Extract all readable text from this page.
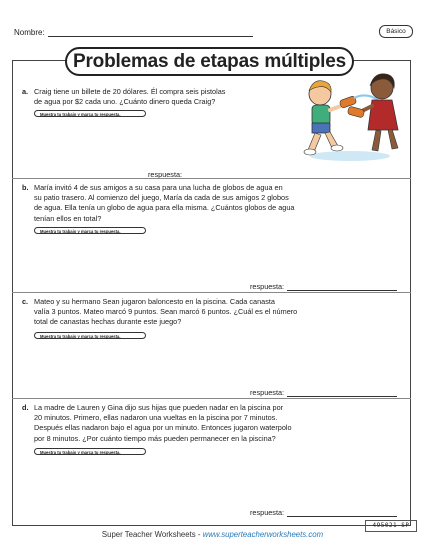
Nombre:	Básico
Problemas de etapas múltiples
a. Craig tiene un billete de 20 dólares. Él compra seis pistolas
de agua por $2 cada uno. ¿Cuánto dinero queda Craig?
Muestra tu trabajo y marca tu respuesta.
respuesta:
b. María invitó 4 de sus amigos a su casa para una lucha de globos de agua en
su patio trasero. Al comienzo del juego, María da cada de sus amigos 2 globos
de agua. Ella tenía un globo de agua para ella misma. ¿Cuántos globos de agua
tenían ellos en total?
Muestra tu trabajo y marca tu respuesta.
respuesta:
c. Mateo y su hermano Sean jugaron baloncesto en la piscina. Cada canasta
valía 3 puntos. Mateo marcó 9 puntos. Sean marcó 6 puntos. ¿Cuál es el número
total de canastas hechas durante este juego?
Muestra tu trabajo y marca tu respuesta.
respuesta:
d. La madre de Lauren y Gina dijo sus hijas que pueden nadar en la piscina por
20 minutos. Primero, ellas nadaron una vueltas en la piscina por 7 minutos.
Después ellas nadaron bajo el agua por un minuto. Entonces jugaron waterpolo
por 8 minutos. ¿Por cuánto tiempo más pueden permanecer en la piscina?
Muestra tu trabajo y marca tu respuesta.
respuesta:
495021-SP
Super Teacher Worksheets - www.superteacherworksheets.com
